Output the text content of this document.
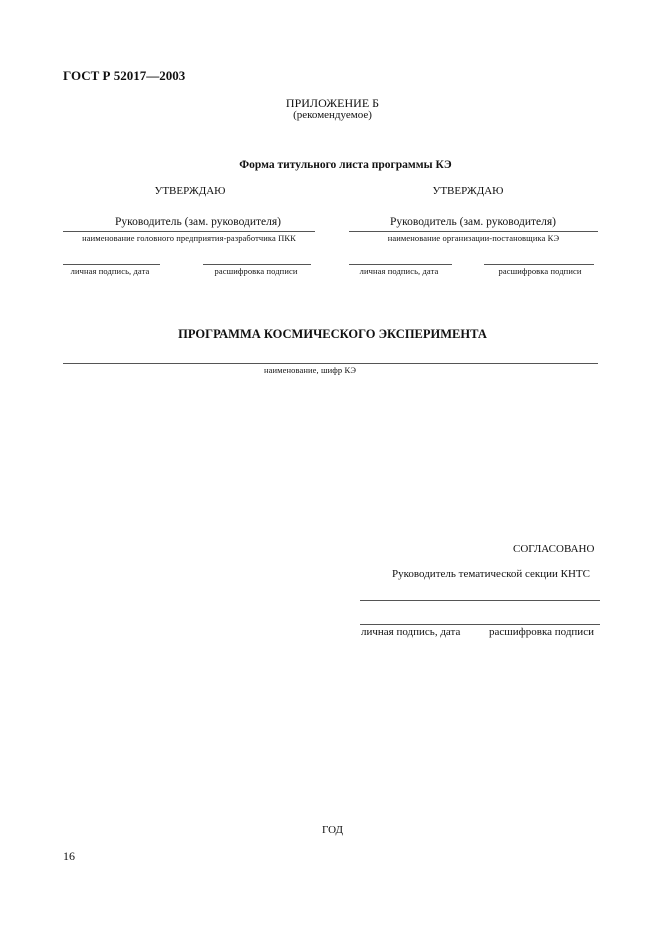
ГОСТ Р 52017—2003
ПРИЛОЖЕНИЕ Б
(рекомендуемое)
Форма титульного листа программы КЭ
УТВЕРЖДАЮ
Руководитель (зам. руководителя)
наименование головного предприятия-разработчика ПКК
личная подпись, дата	расшифровка подписи
УТВЕРЖДАЮ
Руководитель (зам. руководителя)
наименование организации-постановщика КЭ
личная подпись, дата	расшифровка подписи
ПРОГРАММА КОСМИЧЕСКОГО ЭКСПЕРИМЕНТА
наименование, шифр КЭ
СОГЛАСОВАНО
Руководитель тематической секции КНТС
личная подпись, дата	расшифровка подписи
ГОД
16
